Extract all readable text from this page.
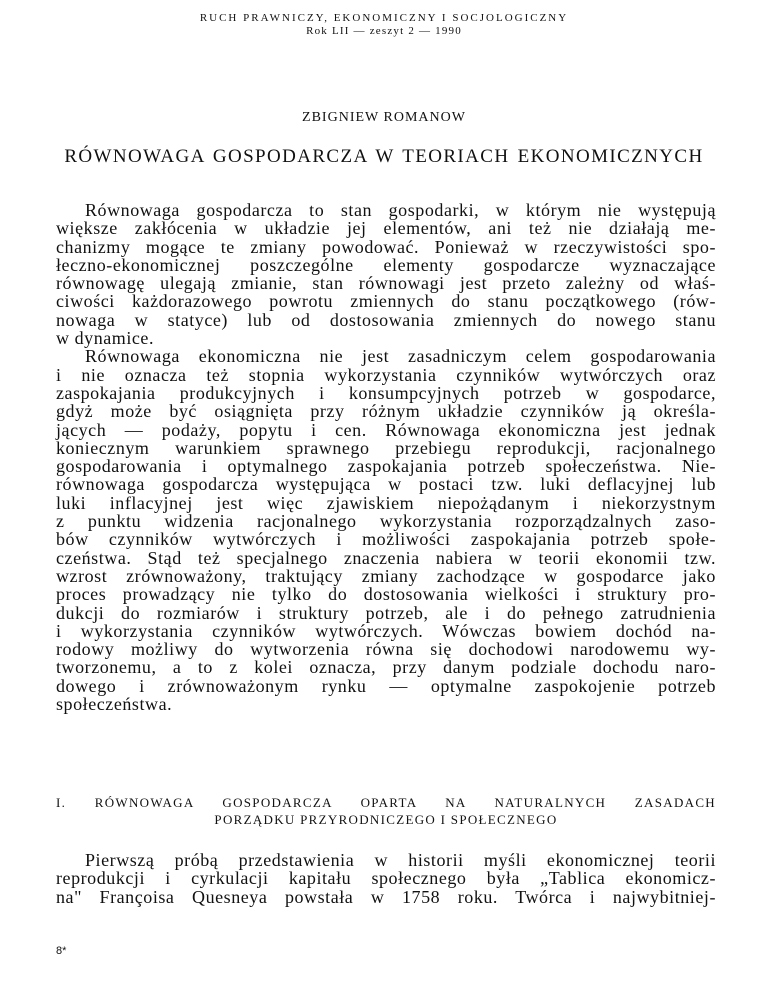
RUCH PRAWNICZY, EKONOMICZNY I SOCJOLOGICZNY
Rok LII — zeszyt 2 — 1990
ZBIGNIEW ROMANOW
RÓWNOWAGA GOSPODARCZA W TEORIACH EKONOMICZNYCH
Równowaga gospodarcza to stan gospodarki, w którym nie występują
większe zakłócenia w układzie jej elementów, ani też nie działają me-
chanizmy mogące te zmiany powodować. Ponieważ w rzeczywistości spo-
łeczno-ekonomicznej poszczególne elementy gospodarcze wyznaczające
równowagę ulegają zmianie, stan równowagi jest przeto zależny od właś-
ciwości każdorazowego powrotu zmiennych do stanu początkowego (rów-
nowaga w statyce) lub od dostosowania zmiennych do nowego stanu
w dynamice.
Równowaga ekonomiczna nie jest zasadniczym celem gospodarowania
i nie oznacza też stopnia wykorzystania czynników wytwórczych oraz
zaspokajania produkcyjnych i konsumpcyjnych potrzeb w gospodarce,
gdyż może być osiągnięta przy różnym układzie czynników ją określa-
jących — podaży, popytu i cen. Równowaga ekonomiczna jest jednak
koniecznym warunkiem sprawnego przebiegu reprodukcji, racjonalnego
gospodarowania i optymalnego zaspokajania potrzeb społeczeństwa. Nie-
równowaga gospodarcza występująca w postaci tzw. luki deflacyjnej lub
luki inflacyjnej jest więc zjawiskiem niepożądanym i niekorzystnym
z punktu widzenia racjonalnego wykorzystania rozporządzalnych zaso-
bów czynników wytwórczych i możliwości zaspokajania potrzeb społe-
czeństwa. Stąd też specjalnego znaczenia nabiera w teorii ekonomii tzw.
wzrost zrównoważony, traktujący zmiany zachodzące w gospodarce jako
proces prowadzący nie tylko do dostosowania wielkości i struktury pro-
dukcji do rozmiarów i struktury potrzeb, ale i do pełnego zatrudnienia
i wykorzystania czynników wytwórczych. Wówczas bowiem dochód na-
rodowy możliwy do wytworzenia równa się dochodowi narodowemu wy-
tworzonemu, a to z kolei oznacza, przy danym podziale dochodu naro-
dowego i zrównoważonym rynku — optymalne zaspokojenie potrzeb
społeczeństwa.
I. RÓWNOWAGA GOSPODARCZA OPARTA NA NATURALNYCH ZASADACH
PORZĄDKU PRZYRODNICZEGO I SPOŁECZNEGO
Pierwszą próbą przedstawienia w historii myśli ekonomicznej teorii
reprodukcji i cyrkulacji kapitału społecznego była „Tablica ekonomicz-
na" Françoisa Quesneya powstała w 1758 roku. Twórca i najwybitniej-
8*
